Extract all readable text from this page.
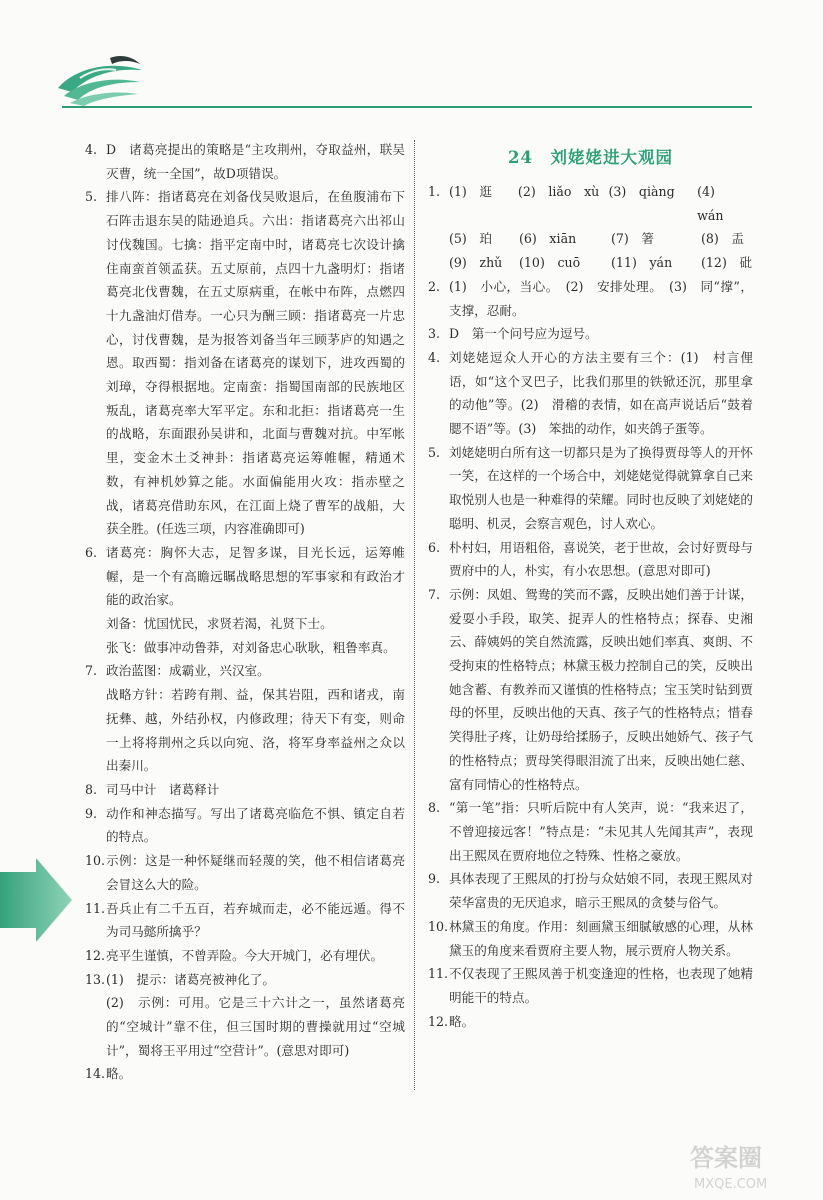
4. D　诸葛亮提出的策略是“主攻荆州，夺取益州，联吴灭曹，统一全国”，故D项错误。
5. 排八阵：指诸葛亮在刘备伐吴败退后，在鱼腹浦布下石阵击退东吴的陆逊追兵。六出：指诸葛亮六出祁山讨伐魏国。七擒：指平定南中时，诸葛亮七次设计擒住南蛮首领孟获。五丈原前，点四十九盏明灯：指诸葛亮北伐曹魏，在五丈原病重，在帐中布阵，点燃四十九盏油灯借寿。一心只为酬三顾：指诸葛亮一片忠心，讨伐曹魏，是为报答刘备当年三顾茅庐的知遇之恩。取西蜀：指刘备在诸葛亮的谋划下，进攻西蜀的刘璋，夺得根据地。定南蛮：指蜀国南部的民族地区叛乱，诸葛亮率大军平定。东和北拒：指诸葛亮一生的战略，东面跟孙吴讲和，北面与曹魏对抗。中军帐里，变金木土爻神卦：指诸葛亮运筹帷幄，精通术数，有神机妙算之能。水面偏能用火攻：指赤壁之战，诸葛亮借助东风，在江面上烧了曹军的战船，大获全胜。(任选三项，内容准确即可)
6. 诸葛亮：胸怀大志，足智多谋，目光长远，运筹帷幄，是一个有高瞻远瞩战略思想的军事家和有政治才能的政治家。
刘备：忧国忧民，求贤若渴，礼贤下士。
张飞：做事冲动鲁莽，对刘备忠心耿耿，粗鲁率真。
7. 政治蓝图：成霸业，兴汉室。
战略方针：若跨有荆、益，保其岩阻，西和诸戎，南抚彝、越，外结孙权，内修政理；待天下有变，则命一上将将荆州之兵以向宛、洛，将军身率益州之众以出秦川。
8. 司马中计　诸葛释计
9. 动作和神态描写。写出了诸葛亮临危不惧、镇定自若的特点。
10. 示例：这是一种怀疑继而轻蔑的笑，他不相信诸葛亮会冒这么大的险。
11. 吾兵止有二千五百，若弃城而走，必不能远遁。得不为司马懿所擒乎？
12. 亮平生谨慎，不曾弄险。今大开城门，必有埋伏。
13. (1)　提示：诸葛亮被神化了。
(2)　示例：可用。它是三十六计之一，虽然诸葛亮的“空城计”靠不住，但三国时期的曹操就用过“空城计”，蜀将王平用过“空营计”。(意思对即可)
14. 略。
24　刘姥姥进大观园
1. (1)　逛	(2)　liǎo　xù (3)　qiàng	(4)　wán
(5)　珀	(6)　xiān	(7)　箸	(8)　盂
(9)　zhǔ	(10)　cuō	(11)　yán	(12)　砒
2. (1)　小心，当心。　(2)　安排处理。　(3)　同“撑”，支撑，忍耐。
3. D　第一个问号应为逗号。
4. 刘姥姥逗众人开心的方法主要有三个：(1)　村言俚语，如“这个叉巴子，比我们那里的铁锨还沉，那里拿的动他”等。(2)　滑稽的表情，如在高声说话后“鼓着腮不语”等。(3)　笨拙的动作，如夹鸽子蛋等。
5. 刘姥姥明白所有这一切都只是为了换得贾母等人的开怀一笑，在这样的一个场合中，刘姥姥觉得就算拿自己来取悦别人也是一种难得的荣耀。同时也反映了刘姥姥的聪明、机灵，会察言观色，讨人欢心。
6. 朴村妇，用语粗俗，喜说笑，老于世故，会讨好贾母与贾府中的人，朴实，有小农思想。(意思对即可)
7. 示例：凤姐、鸳鸯的笑而不露，反映出她们善于计谋，爱耍小手段，取笑、捉弄人的性格特点；探春、史湘云、薛姨妈的笑自然流露，反映出她们率真、爽朗、不受拘束的性格特点；林黛玉极力控制自己的笑，反映出她含蓄、有教养而又谨慎的性格特点；宝玉笑时钻到贾母的怀里，反映出他的天真、孩子气的性格特点；惜春笑得肚子疼，让奶母给揉肠子，反映出她娇气、孩子气的性格特点；贾母笑得眼泪流了出来，反映出她仁慈、富有同情心的性格特点。
8. “第一笔”指：只听后院中有人笑声，说：“我来迟了，不曾迎接远客！”特点是：“未见其人先闻其声”，表现出王熙凤在贾府地位之特殊、性格之豪放。
9. 具体表现了王熙凤的打扮与众姑娘不同，表现王熙凤对荣华富贵的无厌追求，暗示王熙凤的贪婪与俗气。
10. 林黛玉的角度。作用：刻画黛玉细腻敏感的心理，从林黛玉的角度来看贾府主要人物，展示贾府人物关系。
11. 不仅表现了王熙凤善于机变逢迎的性格，也表现了她精明能干的特点。
12. 略。
答案圈
MXQE.COM
